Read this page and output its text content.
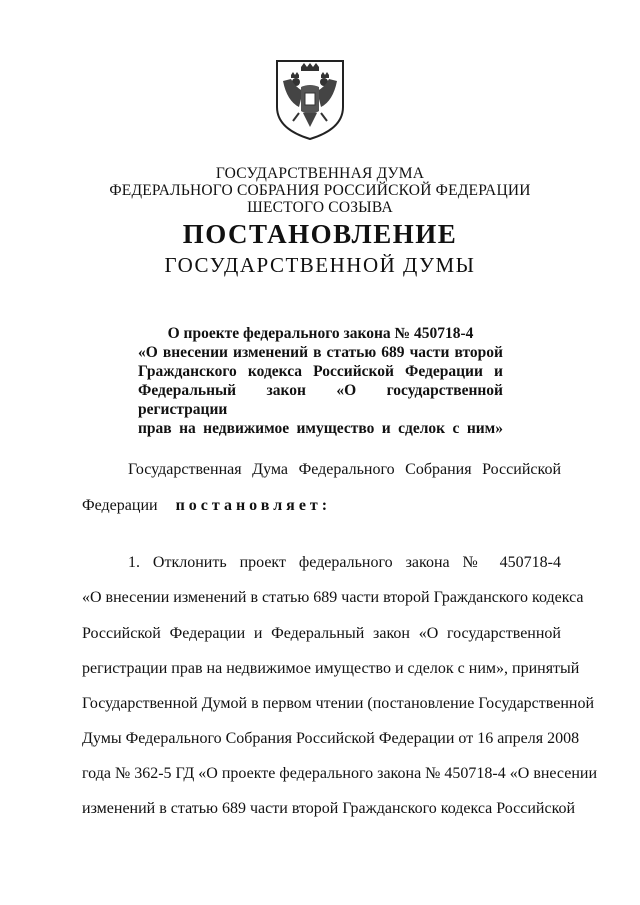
ГОСУДАРСТВЕННАЯ ДУМА
ФЕДЕРАЛЬНОГО СОБРАНИЯ РОССИЙСКОЙ ФЕДЕРАЦИИ
ШЕСТОГО СОЗЫВА
ПОСТАНОВЛЕНИЕ
ГОСУДАРСТВЕННОЙ ДУМЫ
О проекте федерального закона № 450718-4
«О внесении изменений в статью 689 части второй
Гражданского кодекса Российской Федерации и
Федеральный закон «О государственной регистрации
прав на недвижимое имущество и сделок с ним»
Государственная Дума Федерального Собрания Российской
Федерации постановляет:
1. Отклонить проект федерального закона № 450718-4
«О внесении изменений в статью 689 части второй Гражданского кодекса
Российской Федерации и Федеральный закон «О государственной
регистрации прав на недвижимое имущество и сделок с ним», принятый
Государственной Думой в первом чтении (постановление Государственной
Думы Федерального Собрания Российской Федерации от 16 апреля 2008
года № 362-5 ГД «О проекте федерального закона № 450718-4 «О внесении
изменений в статью 689 части второй Гражданского кодекса Российской
